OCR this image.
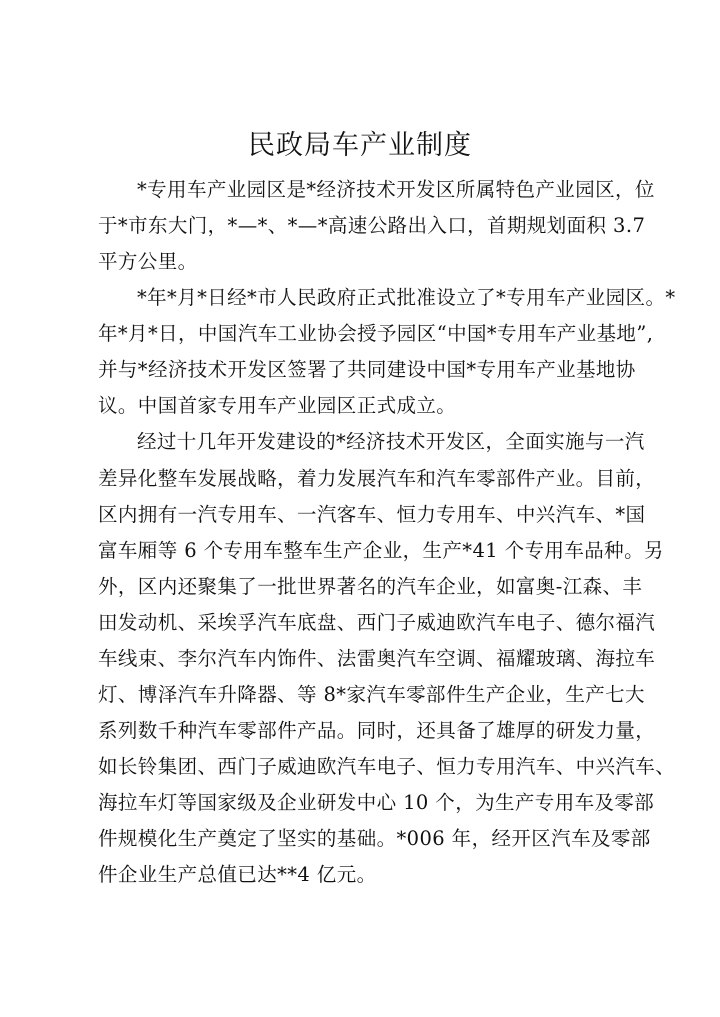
民政局车产业制度

*专用车产业园区是*经济技术开发区所属特色产业园区，位

于*市东大门，*—*、*—*高速公路出入口，首期规划面积 3.7

平方公里。

*年*月*日经*市人民政府正式批准设立了*专用车产业园区。*

年*月*日，中国汽车工业协会授予园区“中国*专用车产业基地”,

并与*经济技术开发区签署了共同建设中国*专用车产业基地协

议。中国首家专用车产业园区正式成立。

经过十几年开发建设的*经济技术开发区，全面实施与一汽

差异化整车发展战略，着力发展汽车和汽车零部件产业。目前，

区内拥有一汽专用车、一汽客车、恒力专用车、中兴汽车、*国

富车厢等 6 个专用车整车生产企业，生产*41 个专用车品种。另

外，区内还聚集了一批世界著名的汽车企业，如富奥-江森、丰

田发动机、采埃孚汽车底盘、西门子威迪欧汽车电子、德尔福汽

车线束、李尔汽车内饰件、法雷奥汽车空调、福耀玻璃、海拉车

灯、博泽汽车升降器、等 8*家汽车零部件生产企业，生产七大

系列数千种汽车零部件产品。同时，还具备了雄厚的研发力量，

如长铃集团、西门子威迪欧汽车电子、恒力专用汽车、中兴汽车、

海拉车灯等国家级及企业研发中心 10 个，为生产专用车及零部

件规模化生产奠定了坚实的基础。*006 年，经开区汽车及零部

件企业生产总值已达**4 亿元。
